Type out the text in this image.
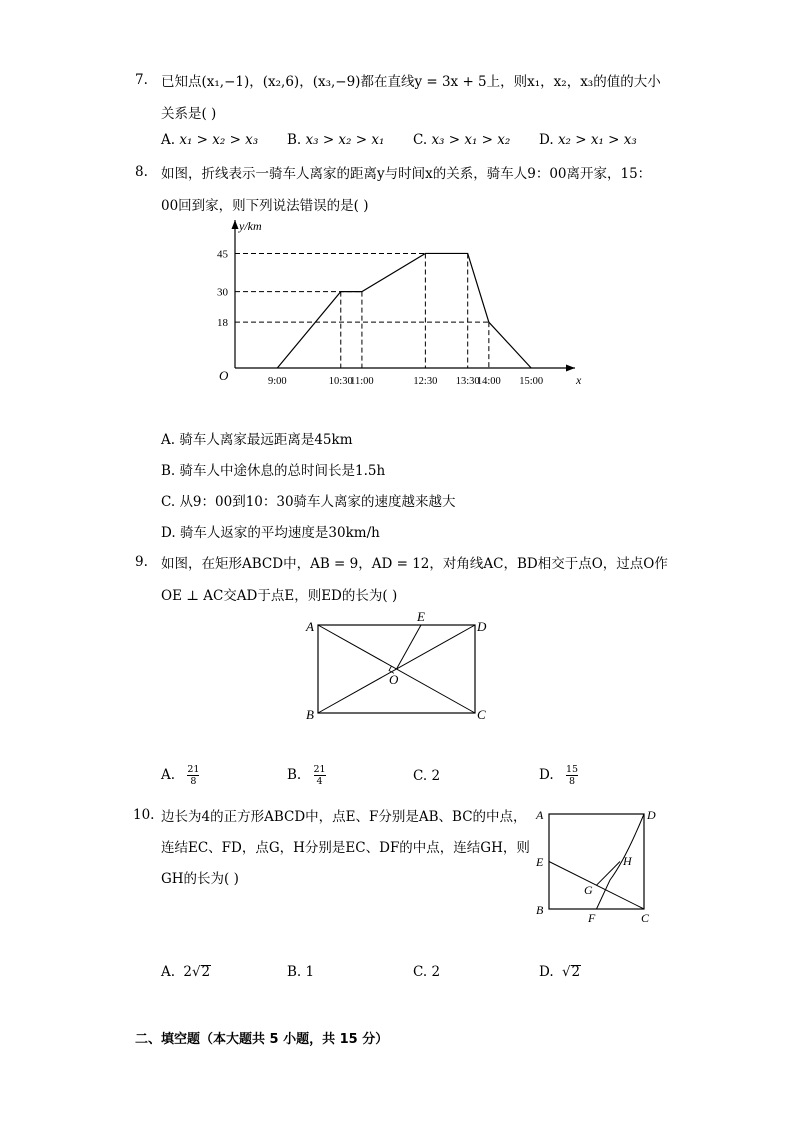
7. 已知点(x₁,−1)，(x₂,6)，(x₃,−9)都在直线y = 3x + 5上，则x₁，x₂，x₃的值的大小
关系是( )
A. x₁ > x₂ > x₃ B. x₃ > x₂ > x₁ C. x₃ > x₁ > x₂ D. x₂ > x₁ > x₃
8. 如图，折线表示一骑车人离家的距离y与时间x的关系，骑车人9：00离开家，15：
00回到家，则下列说法错误的是( )
18
30
45
9:00	10:30
11:00	12:30 13:30
14:00 15:00
y/km
x
O
A. 骑车人离家最远距离是45km
B. 骑车人中途休息的总时间长是1.5h
C. 从9：00到10：30骑车人离家的速度越来越大
D. 骑车人返家的平均速度是30km/h
9. 如图，在矩形ABCD中，AB = 9，AD = 12，对角线AC，BD相交于点O，过点O作
OE ⊥ AC交AD于点E，则ED的长为( )
A
B	C
D
E
O
A. $\frac{21}{8}$	B. $\frac{21}{4}$	C. 2	D. $\frac{15}{8}$
10. 边长为4的正方形ABCD中，点E、F分别是AB、BC的中点，
连结EC、FD，点G，H分别是EC、DF的中点，连结GH，则
GH的长为( )
A
B
C
D
E
F
G
H
A. 2√2	B. 1	C. 2	D. √2
二、填空题（本大题共 5 小题，共 15 分）
